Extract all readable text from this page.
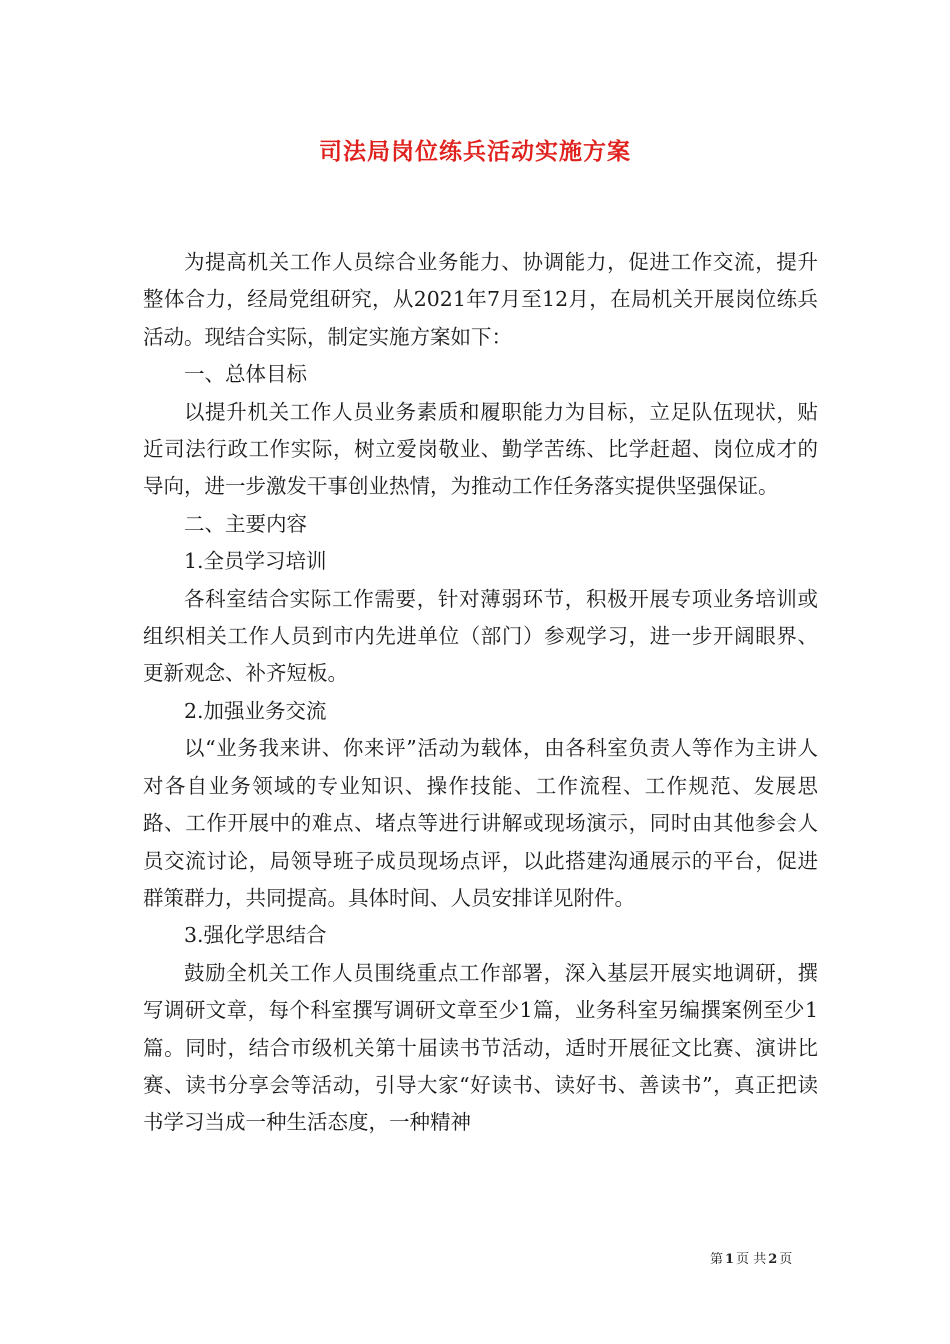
司法局岗位练兵活动实施方案

为提高机关工作人员综合业务能力、协调能力，促进工作交流，提升整体合力，经局党组研究，从2021年7月至12月，在局机关开展岗位练兵活动。现结合实际，制定实施方案如下：

一、总体目标

以提升机关工作人员业务素质和履职能力为目标，立足队伍现状，贴近司法行政工作实际，树立爱岗敬业、勤学苦练、比学赶超、岗位成才的导向，进一步激发干事创业热情，为推动工作任务落实提供坚强保证。

二、主要内容

1.全员学习培训

各科室结合实际工作需要，针对薄弱环节，积极开展专项业务培训或组织相关工作人员到市内先进单位（部门）参观学习，进一步开阔眼界、更新观念、补齐短板。

2.加强业务交流

以“业务我来讲、你来评”活动为载体，由各科室负责人等作为主讲人对各自业务领域的专业知识、操作技能、工作流程、工作规范、发展思路、工作开展中的难点、堵点等进行讲解或现场演示，同时由其他参会人员交流讨论，局领导班子成员现场点评，以此搭建沟通展示的平台，促进群策群力，共同提高。具体时间、人员安排详见附件。

3.强化学思结合

鼓励全机关工作人员围绕重点工作部署，深入基层开展实地调研，撰写调研文章，每个科室撰写调研文章至少1篇，业务科室另编撰案例至少1篇。同时，结合市级机关第十届读书节活动，适时开展征文比赛、演讲比赛、读书分享会等活动，引导大家“好读书、读好书、善读书”，真正把读书学习当成一种生活态度，一种精神

第 1 页 共 2 页
